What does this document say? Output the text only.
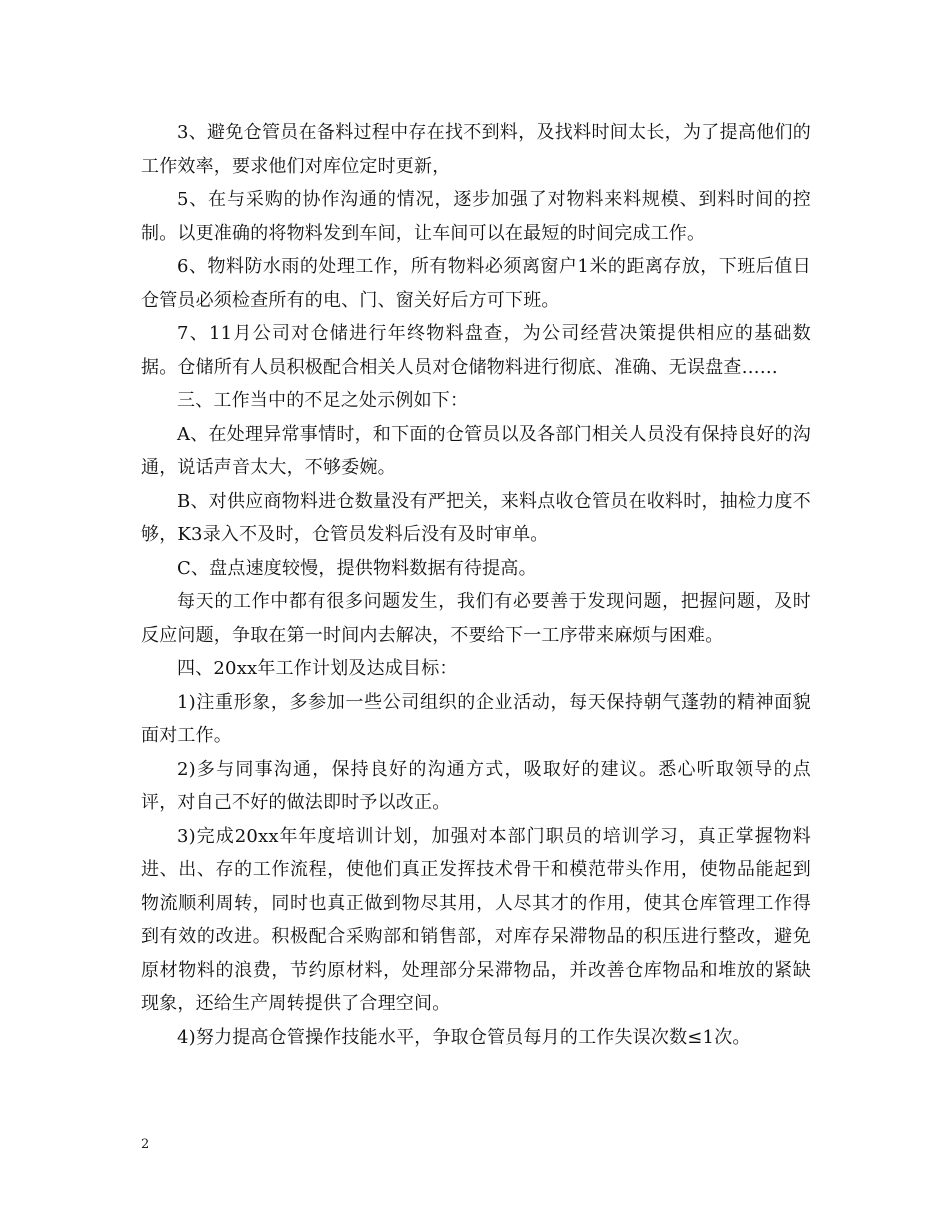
3、避免仓管员在备料过程中存在找不到料，及找料时间太长，为了提高他们的工作效率，要求他们对库位定时更新，

5、在与采购的协作沟通的情况，逐步加强了对物料来料规模、到料时间的控制。以更准确的将物料发到车间，让车间可以在最短的时间完成工作。

6、物料防水雨的处理工作，所有物料必须离窗户1米的距离存放，下班后值日仓管员必须检查所有的电、门、窗关好后方可下班。

7、11月公司对仓储进行年终物料盘查，为公司经营决策提供相应的基础数据。仓储所有人员积极配合相关人员对仓储物料进行彻底、准确、无误盘查……

三、工作当中的不足之处示例如下：

A、在处理异常事情时，和下面的仓管员以及各部门相关人员没有保持良好的沟通，说话声音太大，不够委婉。

B、对供应商物料进仓数量没有严把关，来料点收仓管员在收料时，抽检力度不够，K3录入不及时，仓管员发料后没有及时审单。

C、盘点速度较慢，提供物料数据有待提高。

每天的工作中都有很多问题发生，我们有必要善于发现问题，把握问题，及时反应问题，争取在第一时间内去解决，不要给下一工序带来麻烦与困难。

四、20xx年工作计划及达成目标：

1)注重形象，多参加一些公司组织的企业活动，每天保持朝气蓬勃的精神面貌面对工作。

2)多与同事沟通，保持良好的沟通方式，吸取好的建议。悉心听取领导的点评，对自己不好的做法即时予以改正。

3)完成20xx年年度培训计划，加强对本部门职员的培训学习，真正掌握物料进、出、存的工作流程，使他们真正发挥技术骨干和模范带头作用，使物品能起到物流顺利周转，同时也真正做到物尽其用，人尽其才的作用，使其仓库管理工作得到有效的改进。积极配合采购部和销售部，对库存呆滞物品的积压进行整改，避免原材物料的浪费，节约原材料，处理部分呆滞物品，并改善仓库物品和堆放的紧缺现象，还给生产周转提供了合理空间。

4)努力提高仓管操作技能水平，争取仓管员每月的工作失误次数≤1次。

2
